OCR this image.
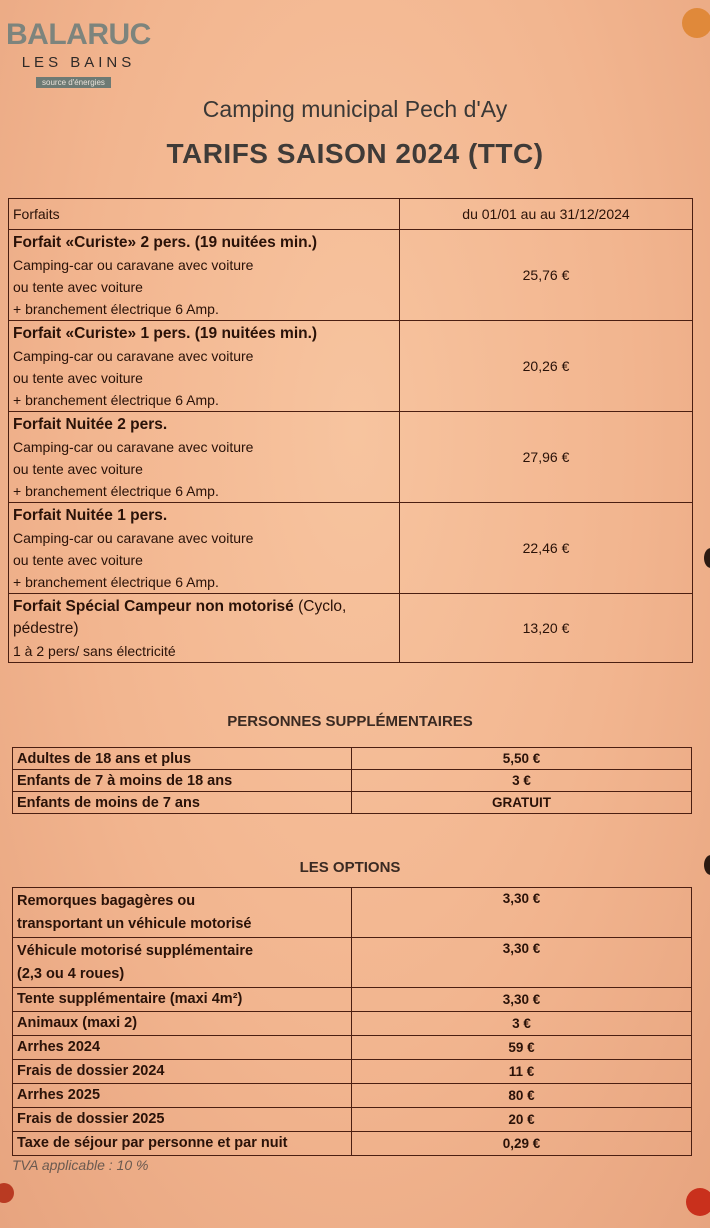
BALARUC
LES BAINS
source d'énergies
Camping municipal Pech d'Ay
TARIFS SAISON 2024 (TTC)
Forfaits	du 01/01 au au 31/12/2024

Forfait «Curiste» 2 pers. (19 nuitées min.)
Camping-car ou caravane avec voiture
ou tente avec voiture
+ branchement électrique 6 Amp.	25,76 €

Forfait «Curiste» 1 pers. (19 nuitées min.)
Camping-car ou caravane avec voiture
ou tente avec voiture
+ branchement électrique 6 Amp.	20,26 €

Forfait Nuitée 2 pers.
Camping-car ou caravane avec voiture
ou tente avec voiture
+ branchement électrique 6 Amp.	27,96 €

Forfait Nuitée 1 pers.
Camping-car ou caravane avec voiture
ou tente avec voiture
+ branchement électrique 6 Amp.	22,46 €

Forfait Spécial Campeur non motorisé (Cyclo, pédestre)
1 à 2 pers/ sans électricité	13,20 €
PERSONNES SUPPLÉMENTAIRES
Adultes de 18 ans et plus	5,50 €
Enfants de 7 à moins de 18 ans	3 €
Enfants de moins de 7 ans	GRATUIT
LES OPTIONS
Remorques bagagères ou
transportant un véhicule motorisé	3,30 €

Véhicule motorisé supplémentaire
(2,3 ou 4 roues)	3,30 €
Tente supplémentaire (maxi 4m²)	3,30 €
Animaux (maxi 2)	3 €
Arrhes 2024	59 €
Frais de dossier 2024	11 €
Arrhes 2025	80 €
Frais de dossier 2025	20 €
Taxe de séjour par personne et par nuit	0,29 €
TVA applicable : 10 %
